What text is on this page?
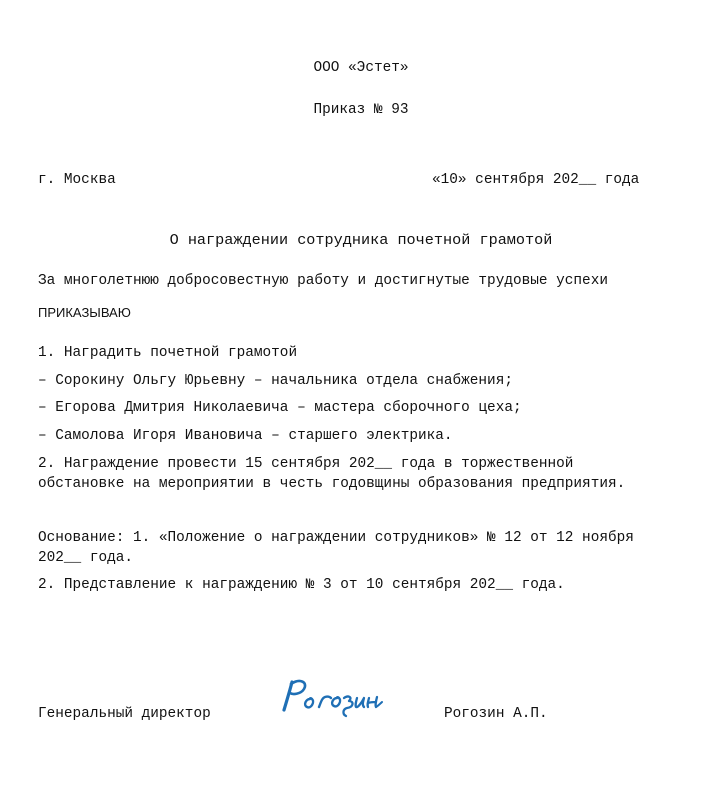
ООО «Эстет»
Приказ № 93
г. Москва	«10» сентября 202__ года
О награждении сотрудника почетной грамотой
За многолетнюю добросовестную работу и достигнутые трудовые успехи
ПРИКАЗЫВАЮ
1. Наградить почетной грамотой
– Сорокину Ольгу Юрьевну – начальника отдела снабжения;
– Егорова Дмитрия Николаевича – мастера сборочного цеха;
– Самолова Игоря Ивановича – старшего электрика.
2. Награждение провести 15 сентября 202__ года в торжественной
обстановке на мероприятии в честь годовщины образования предприятия.
Основание: 1. «Положение о награждении сотрудников» № 12 от 12 ноября
202__ года.
2. Представление к награждению № 3 от 10 сентября 202__ года.
Генеральный директор	Рогозин А.П.
